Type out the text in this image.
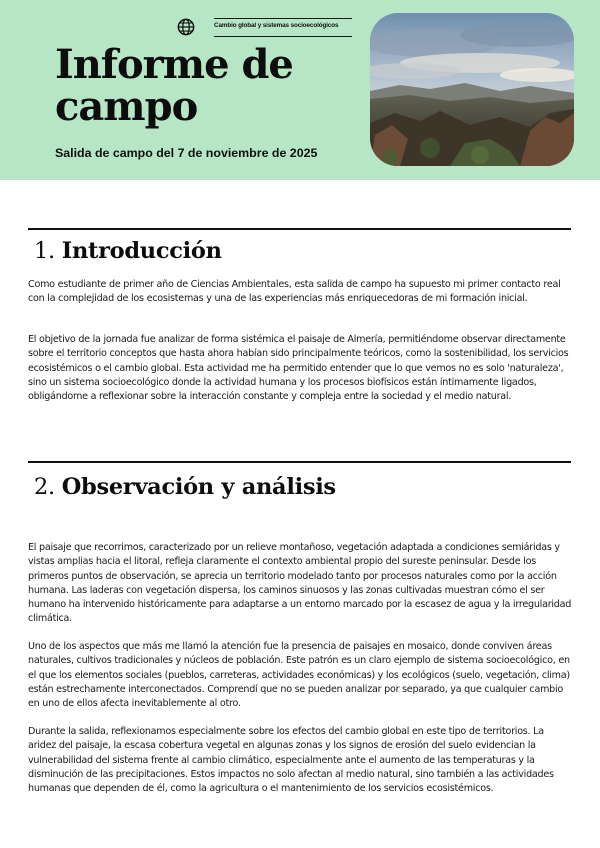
Cambio global y sistemas socioecológicos
Informe de
campo
Salida de campo del 7 de noviembre de 2025
1. Introducción

Como estudiante de primer año de Ciencias Ambientales, esta salida de campo ha supuesto mi primer contacto real con la complejidad de los ecosistemas y una de las experiencias más enriquecedoras de mi formación inicial.

El objetivo de la jornada fue analizar de forma sistémica el paisaje de Almería, permitiéndome observar directamente sobre el territorio conceptos que hasta ahora habían sido principalmente teóricos, como la sostenibilidad, los servicios ecosistémicos o el cambio global. Esta actividad me ha permitido entender que lo que vemos no es solo 'naturaleza', sino un sistema socioecológico donde la actividad humana y los procesos biofísicos están íntimamente ligados, obligándome a reflexionar sobre la interacción constante y compleja entre la sociedad y el medio natural.

2. Observación y análisis

El paisaje que recorrimos, caracterizado por un relieve montañoso, vegetación adaptada a condiciones semiáridas y vistas amplias hacia el litoral, refleja claramente el contexto ambiental propio del sureste peninsular. Desde los primeros puntos de observación, se aprecia un territorio modelado tanto por procesos naturales como por la acción humana. Las laderas con vegetación dispersa, los caminos sinuosos y las zonas cultivadas muestran cómo el ser humano ha intervenido históricamente para adaptarse a un entorno marcado por la escasez de agua y la irregularidad climática.

Uno de los aspectos que más me llamó la atención fue la presencia de paisajes en mosaico, donde conviven áreas naturales, cultivos tradicionales y núcleos de población. Este patrón es un claro ejemplo de sistema socioecológico, en el que los elementos sociales (pueblos, carreteras, actividades económicas) y los ecológicos (suelo, vegetación, clima) están estrechamente interconectados. Comprendí que no se pueden analizar por separado, ya que cualquier cambio en uno de ellos afecta inevitablemente al otro.

Durante la salida, reflexionamos especialmente sobre los efectos del cambio global en este tipo de territorios. La aridez del paisaje, la escasa cobertura vegetal en algunas zonas y los signos de erosión del suelo evidencian la vulnerabilidad del sistema frente al cambio climático, especialmente ante el aumento de las temperaturas y la disminución de las precipitaciones. Estos impactos no solo afectan al medio natural, sino también a las actividades humanas que dependen de él, como la agricultura o el mantenimiento de los servicios ecosistémicos.
